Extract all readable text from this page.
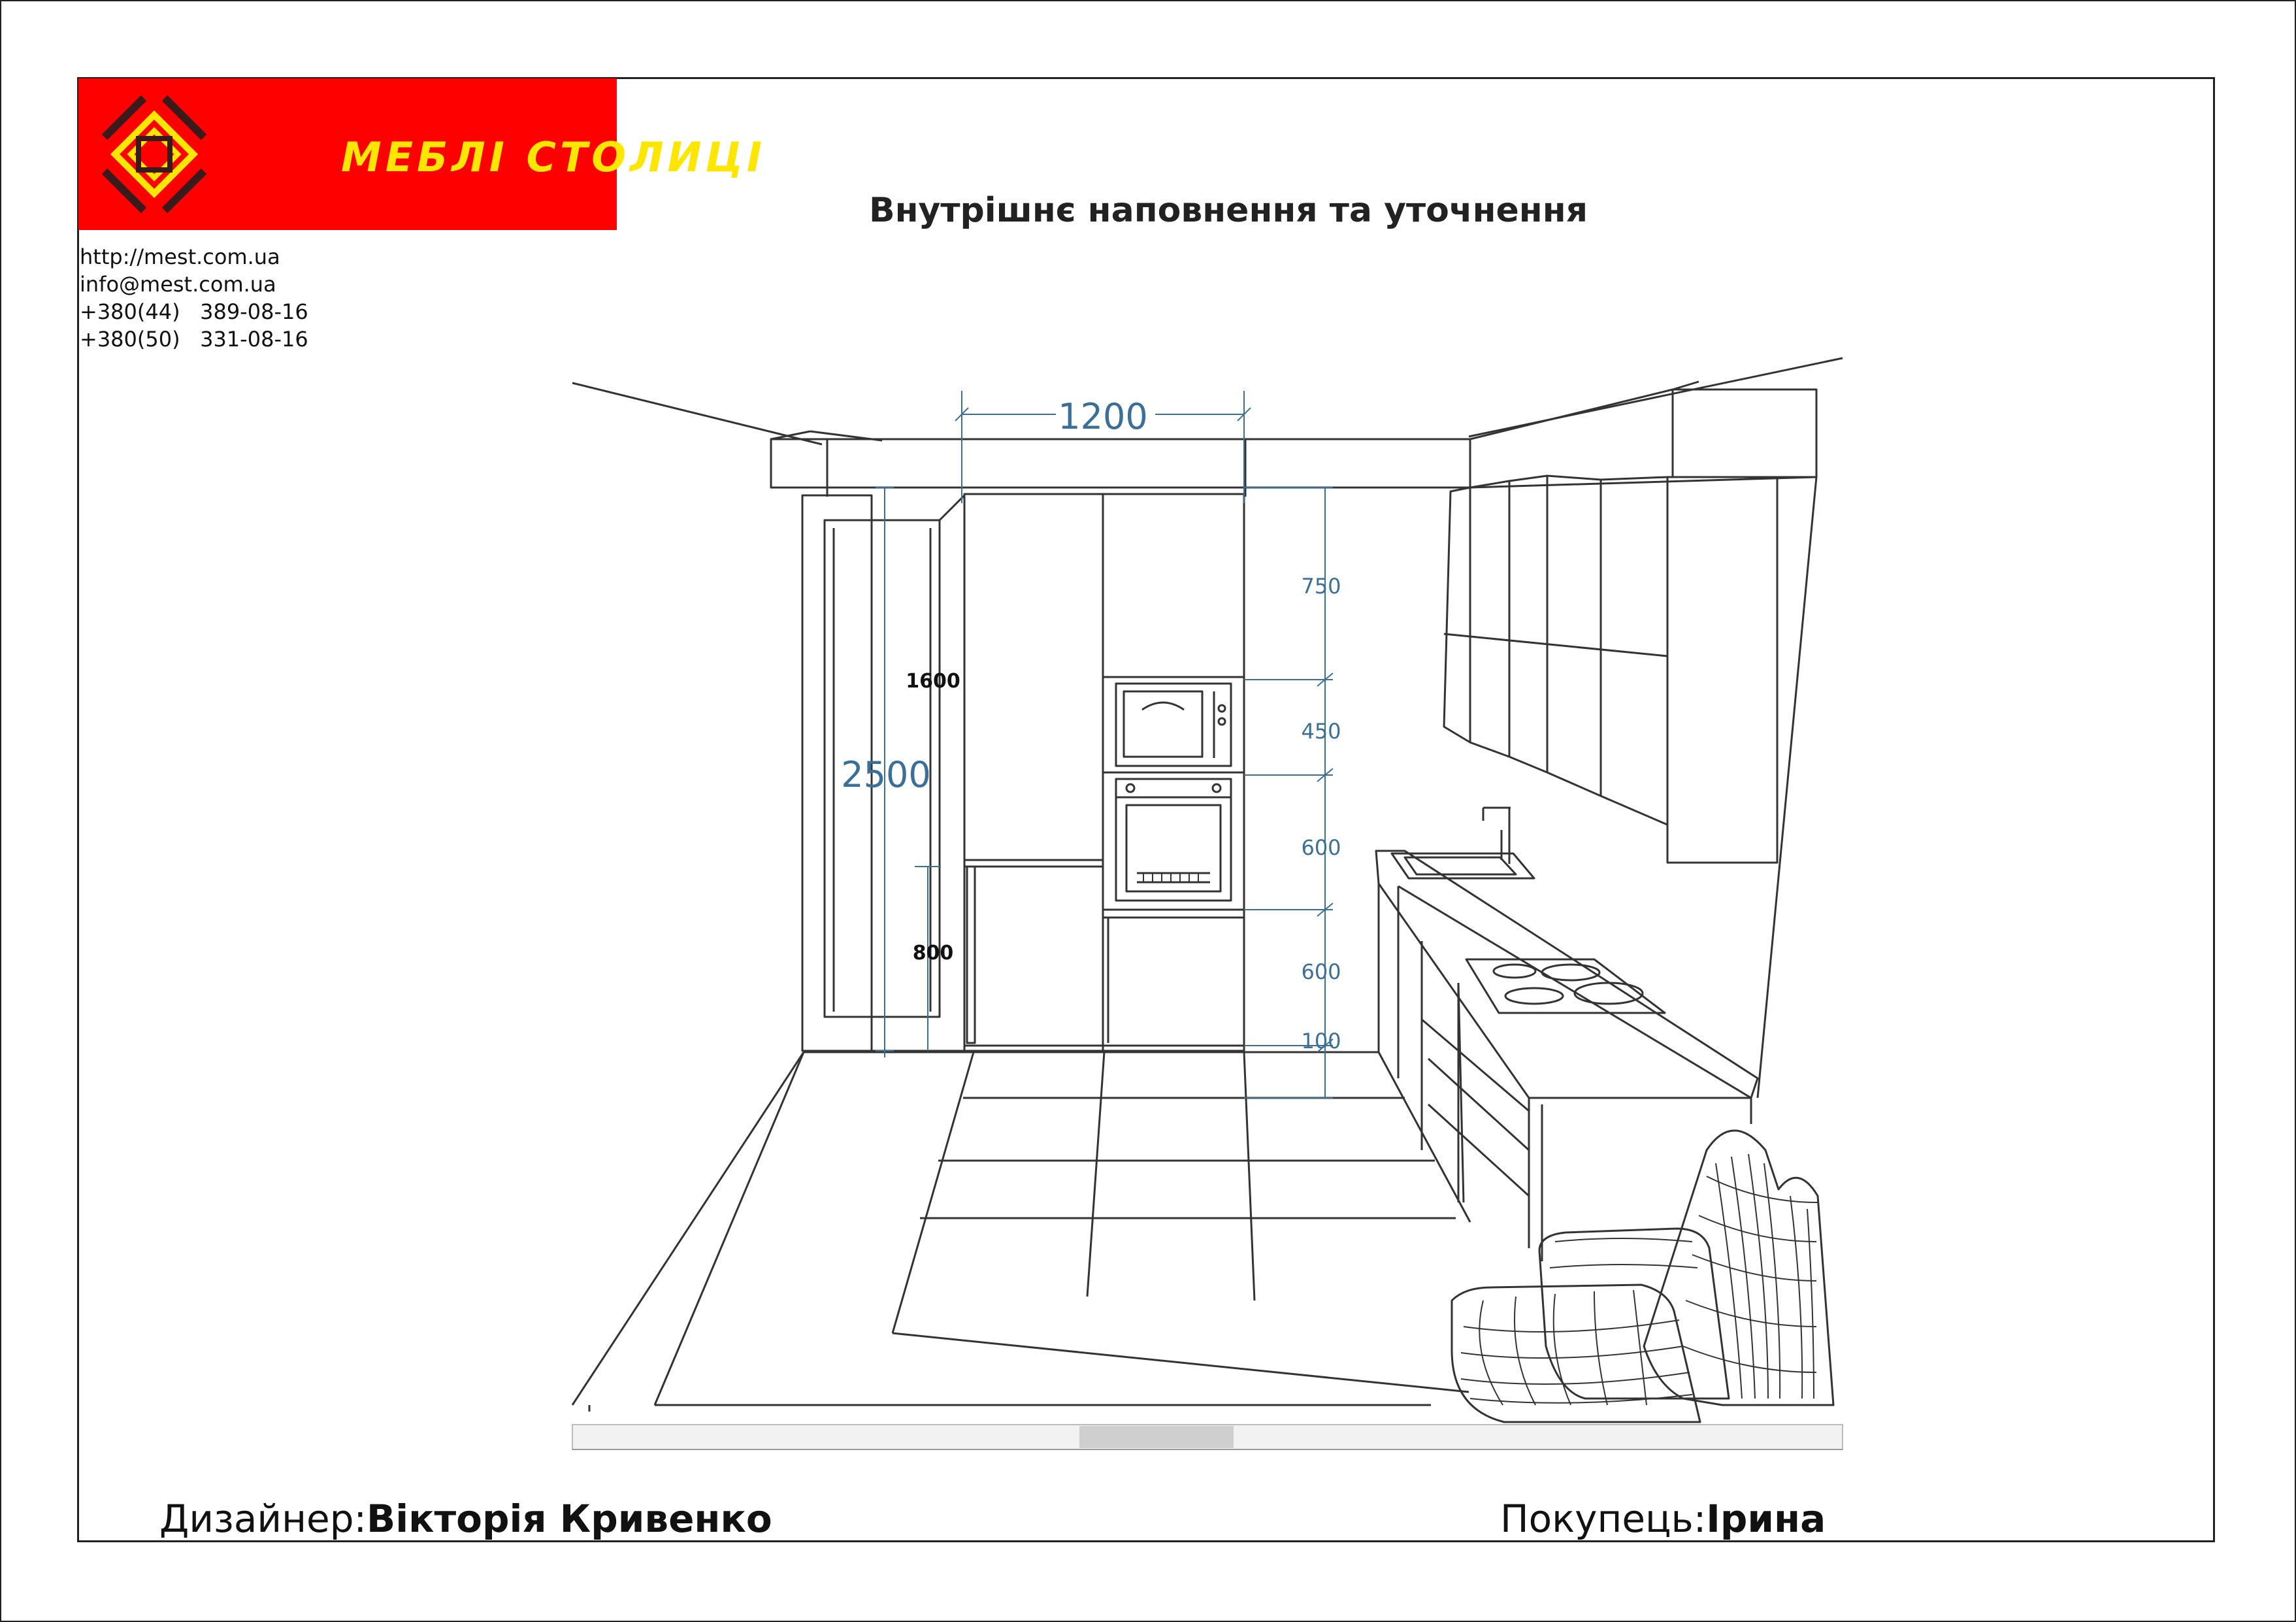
МЕБЛІ СТОЛИЦІ
http://mest.com.ua
info@mest.com.ua
+380(44)   389-08-16
+380(50)   331-08-16
Внутрішнє наповнення та уточнення
1200
2500
750
450
600
600
100
1600
800
Дизайнер:Вікторія Кривенко	Покупець:Ірина
